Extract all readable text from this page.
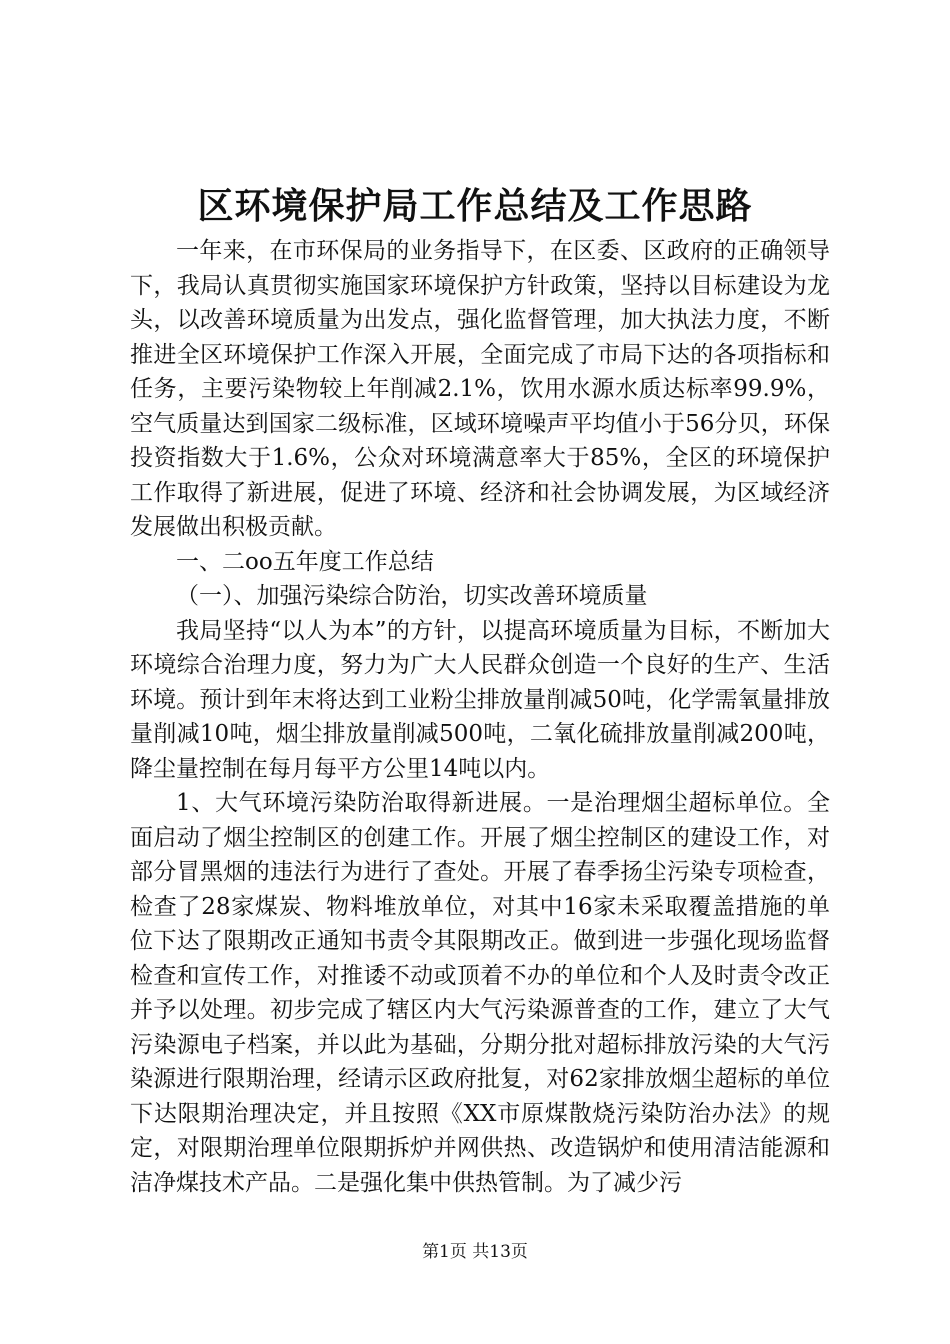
区环境保护局工作总结及工作思路

一年来，在市环保局的业务指导下，在区委、区政府的正确领导下，我局认真贯彻实施国家环境保护方针政策，坚持以目标建设为龙头，以改善环境质量为出发点，强化监督管理，加大执法力度，不断推进全区环境保护工作深入开展，全面完成了市局下达的各项指标和任务，主要污染物较上年削减2.1%，饮用水源水质达标率99.9%，空气质量达到国家二级标准，区域环境噪声平均值小于56分贝，环保投资指数大于1.6%，公众对环境满意率大于85%，全区的环境保护工作取得了新进展，促进了环境、经济和社会协调发展，为区域经济发展做出积极贡献。

一、二oo五年度工作总结

（一）、加强污染综合防治，切实改善环境质量

我局坚持“以人为本”的方针，以提高环境质量为目标，不断加大环境综合治理力度，努力为广大人民群众创造一个良好的生产、生活环境。预计到年末将达到工业粉尘排放量削减50吨，化学需氧量排放量削减10吨，烟尘排放量削减500吨，二氧化硫排放量削减200吨，降尘量控制在每月每平方公里14吨以内。

1、大气环境污染防治取得新进展。一是治理烟尘超标单位。全面启动了烟尘控制区的创建工作。开展了烟尘控制区的建设工作，对部分冒黑烟的违法行为进行了查处。开展了春季扬尘污染专项检查，检查了28家煤炭、物料堆放单位，对其中16家未采取覆盖措施的单位下达了限期改正通知书责令其限期改正。做到进一步强化现场监督检查和宣传工作，对推诿不动或顶着不办的单位和个人及时责令改正并予以处理。初步完成了辖区内大气污染源普查的工作，建立了大气污染源电子档案，并以此为基础，分期分批对超标排放污染的大气污染源进行限期治理，经请示区政府批复，对62家排放烟尘超标的单位下达限期治理决定，并且按照《XX市原煤散烧污染防治办法》的规定，对限期治理单位限期拆炉并网供热、改造锅炉和使用清洁能源和洁净煤技术产品。二是强化集中供热管制。为了减少污

第1页 共13页
